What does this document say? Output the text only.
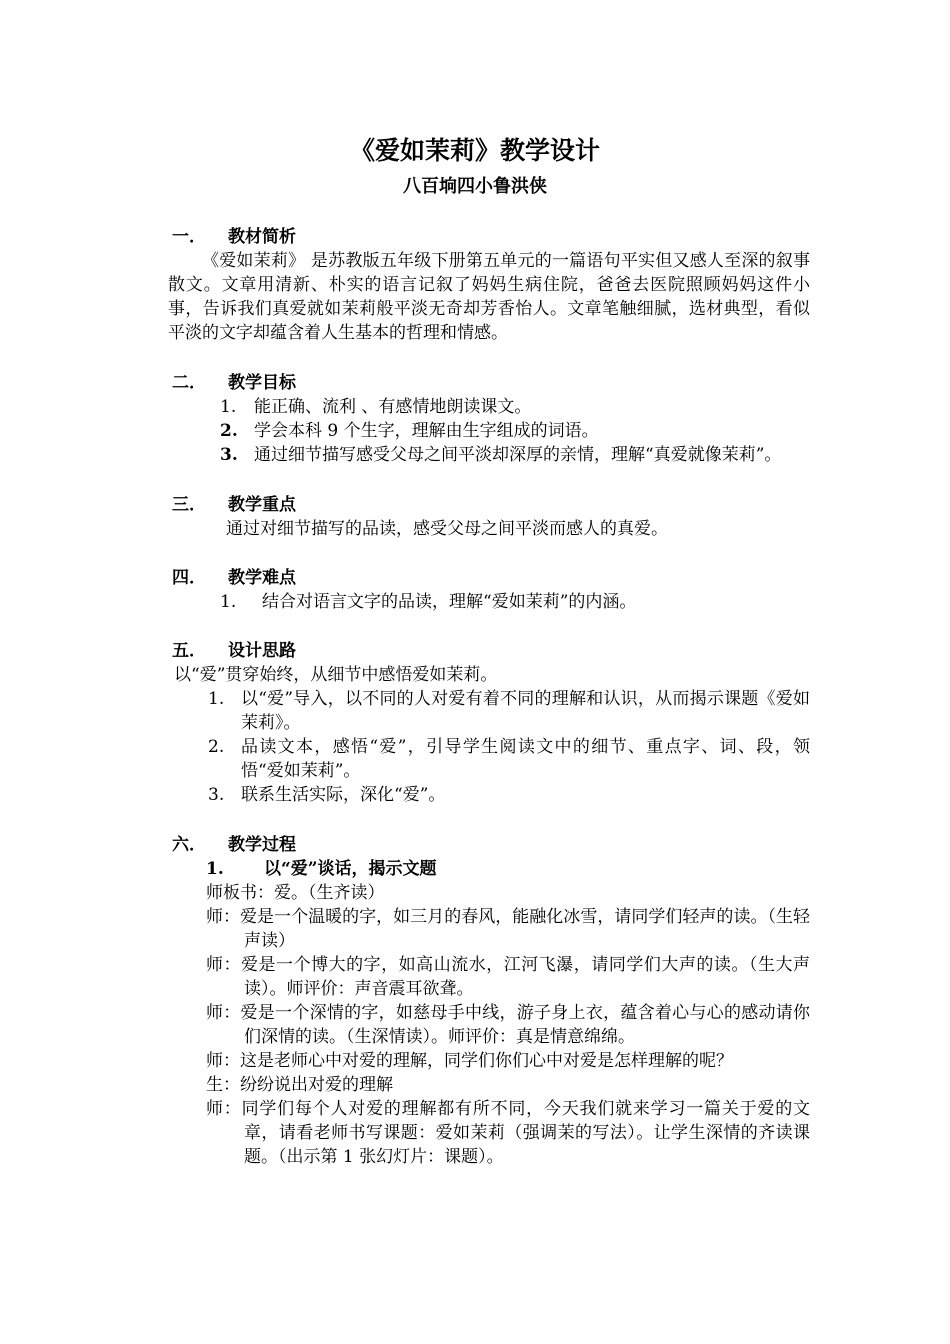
《爱如茉莉》教学设计
八百垧四小鲁洪侠
一．	教材简析

《爱如茉莉》 是苏教版五年级下册第五单元的一篇语句平实但又感人至深的叙事散文。文章用清新、朴实的语言记叙了妈妈生病住院，爸爸去医院照顾妈妈这件小事，告诉我们真爱就如茉莉般平淡无奇却芳香怡人。文章笔触细腻，选材典型，看似平淡的文字却蕴含着人生基本的哲理和情感。

二．	教学目标
1.	能正确、流利 、有感情地朗读课文。
2. 学会本科 9 个生字，理解由生字组成的词语。
3. 通过细节描写感受父母之间平淡却深厚的亲情，理解“真爱就像茉莉”。
三．	教学重点

通过对细节描写的品读，感受父母之间平淡而感人的真爱。

四．	教学难点
1.	结合对语言文字的品读，理解“爱如茉莉”的内涵。
五．	设计思路

以“爱”贯穿始终，从细节中感悟爱如茉莉。

1. 以“爱”导入，以不同的人对爱有着不同的理解和认识，从而揭示课题《爱如茉莉》。
2. 品读文本，感悟“爱”，引导学生阅读文中的细节、重点字、词、段，领悟“爱如茉莉”。
3. 联系生活实际，深化“爱”。
六．	教学过程
1.	以“爱”谈话，揭示文题

师板书：爱。（生齐读）

师：爱是一个温暖的字，如三月的春风，能融化冰雪，请同学们轻声的读。（生轻声读）

师：爱是一个博大的字，如高山流水，江河飞瀑，请同学们大声的读。（生大声读）。师评价：声音震耳欲聋。

师：爱是一个深情的字，如慈母手中线，游子身上衣，蕴含着心与心的感动请你们深情的读。（生深情读）。师评价：真是情意绵绵。

师：这是老师心中对爱的理解，同学们你们心中对爱是怎样理解的呢？

生：纷纷说出对爱的理解

师：同学们每个人对爱的理解都有所不同，今天我们就来学习一篇关于爱的文章，请看老师书写课题：爱如茉莉（强调茉的写法）。让学生深情的齐读课题。（出示第 1 张幻灯片：课题）。
